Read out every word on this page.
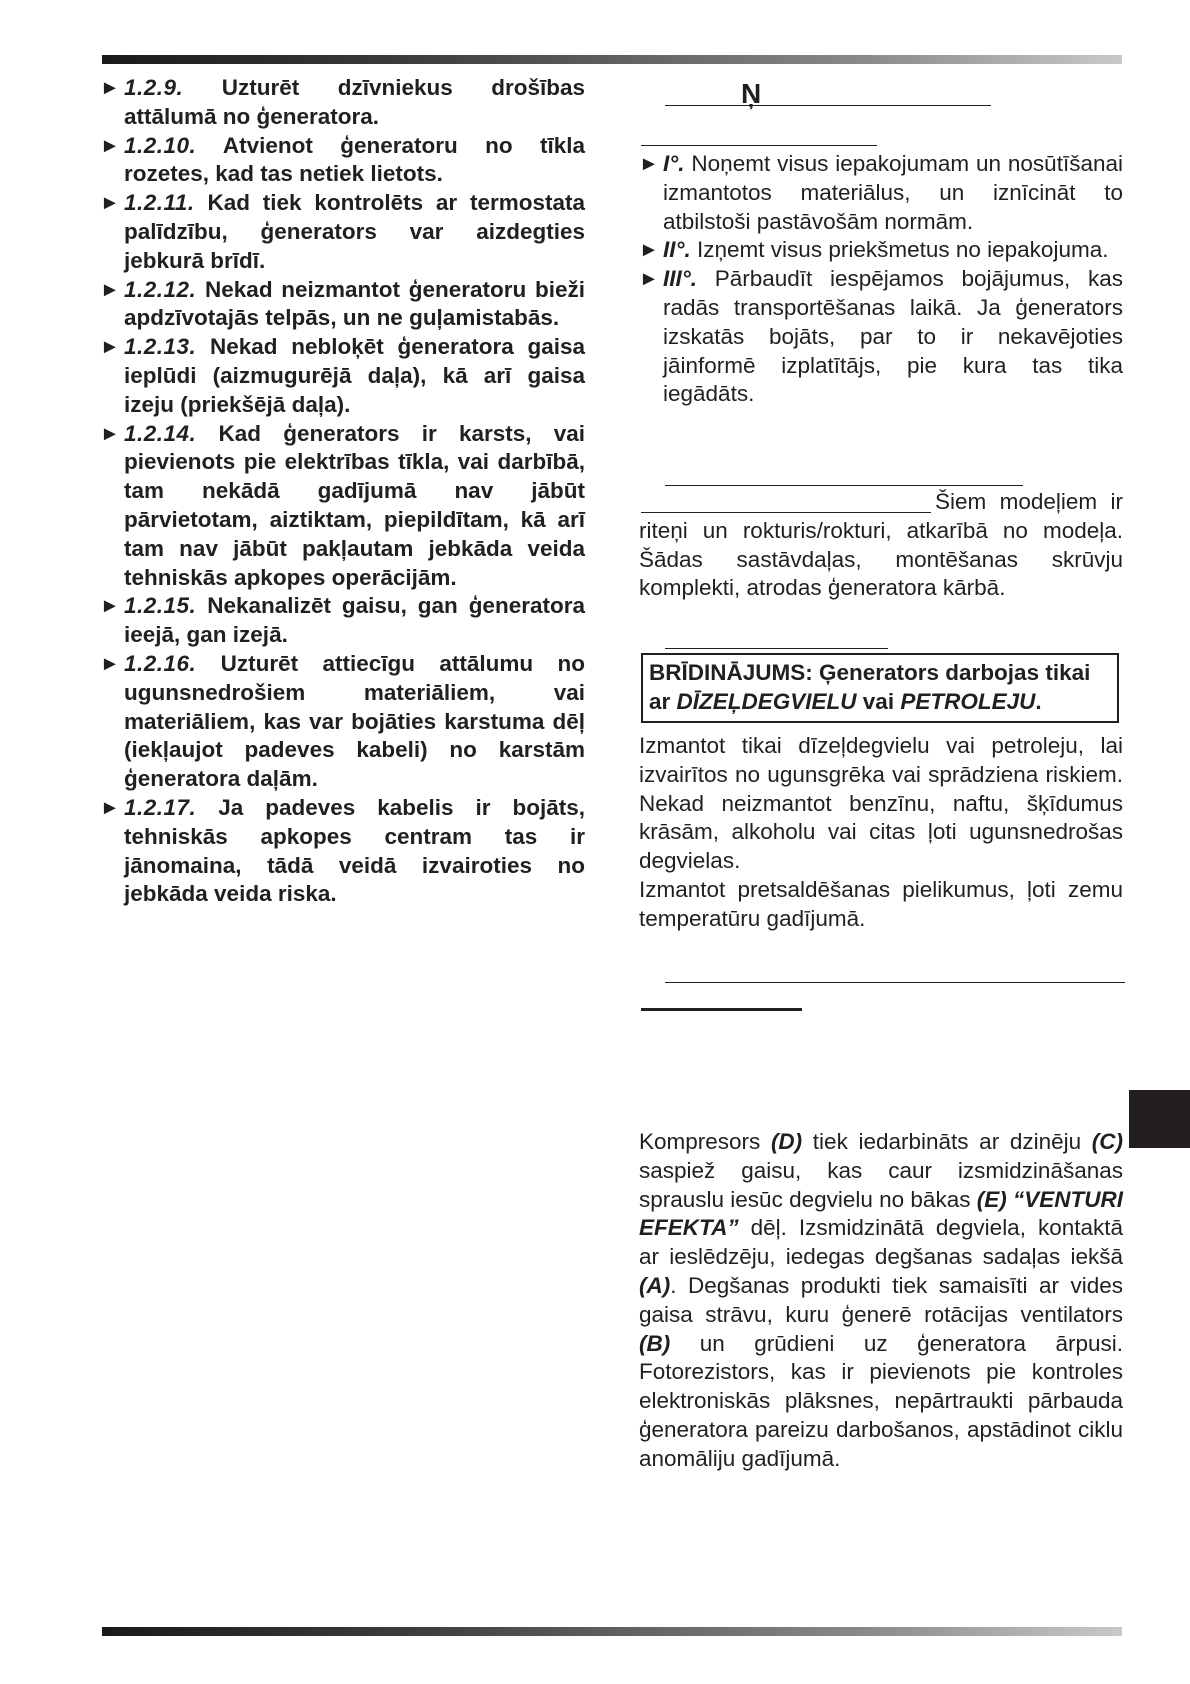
► 1.2.9. Uzturēt dzīvniekus drošības attālumā no ģeneratora.
► 1.2.10. Atvienot ģeneratoru no tīkla rozetes, kad tas netiek lietots.
► 1.2.11. Kad tiek kontrolēts ar termostata palīdzību, ģenerators var aizdegties jebkurā brīdī.
► 1.2.12. Nekad neizmantot ģeneratoru bieži apdzīvotajās telpās, un ne guļamistabās.
► 1.2.13. Nekad nebloķēt ģeneratora gaisa ieplūdi (aizmugurējā daļa), kā arī gaisa izeju (priekšējā daļa).
► 1.2.14. Kad ģenerators ir karsts, vai pievienots pie elektrības tīkla, vai darbībā, tam nekādā gadījumā nav jābūt pārvietotam, aiztiktam, piepildītam, kā arī tam nav jābūt pakļautam jebkāda veida tehniskās apkopes operācijām.
► 1.2.15. Nekanalizēt gaisu, gan ģeneratora ieejā, gan izejā.
► 1.2.16. Uzturēt attiecīgu attālumu no ugunsnedrošiem materiāliem, vai materiāliem, kas var bojāties karstuma dēļ (iekļaujot padeves kabeli) no karstām ģeneratora daļām.
► 1.2.17. Ja padeves kabelis ir bojāts, tehniskās apkopes centram tas ir jānomaina, tādā veidā izvairoties no jebkāda veida riska.
Ņ
► I°. Noņemt visus iepakojumam un nosūtīšanai izmantotos materiālus, un iznīcināt to atbilstoši pastāvošām normām.
► II°. Izņemt visus priekšmetus no iepakojuma.
► III°. Pārbaudīt iespējamos bojājumus, kas radās transportēšanas laikā. Ja ģenerators izskatās bojāts, par to ir nekavējoties jāinformē izplatītājs, pie kura tas tika iegādāts.
Šiem modeļiem ir riteņi un rokturis/rokturi, atkarībā no modeļa. Šādas sastāvdaļas, montēšanas skrūvju komplekti, atrodas ģeneratora kārbā.
BRĪDINĀJUMS: Ģenerators darbojas tikai ar DĪZEĻDEGVIELU vai PETROLEJU.
Izmantot tikai dīzeļdegvielu vai petroleju, lai izvairītos no ugunsgrēka vai sprādziena riskiem. Nekad neizmantot benzīnu, naftu, šķīdumus krāsām, alkoholu vai citas ļoti ugunsnedrošas degvielas.
Izmantot pretsaldēšanas pielikumus, ļoti zemu temperatūru gadījumā.
Kompresors (D) tiek iedarbināts ar dzinēju (C) saspiež gaisu, kas caur izsmidzināšanas sprauslu iesūc degvielu no bākas (E) “VENTURI EFEKTA” dēļ. Izsmidzinātā degviela, kontaktā ar ieslēdzēju, iedegas degšanas sadaļas iekšā (A). Degšanas produkti tiek samaisīti ar vides gaisa strāvu, kuru ģenerē rotācijas ventilators (B) un grūdieni uz ģeneratora ārpusi. Fotorezistors, kas ir pievienots pie kontroles elektroniskās plāksnes, nepārtraukti pārbauda ģeneratora pareizu darbošanos, apstādinot ciklu anomāliju gadījumā.
